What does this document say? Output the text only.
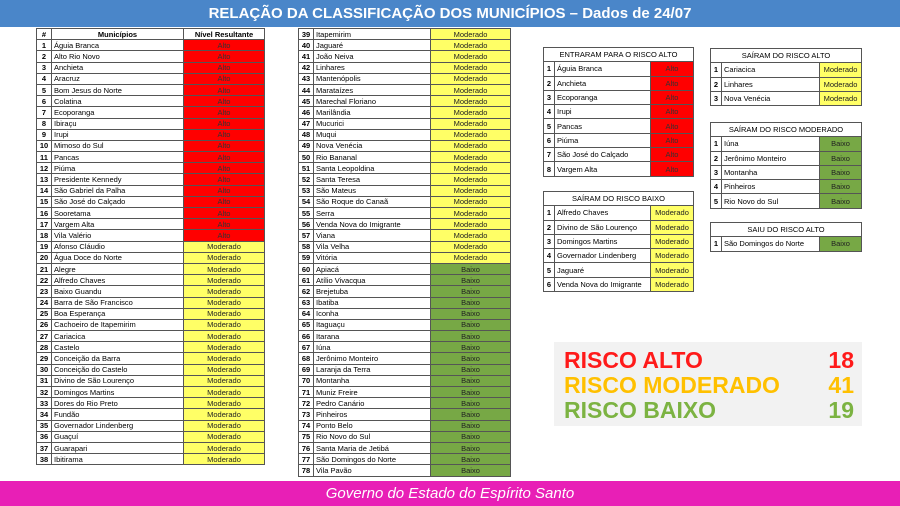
RELAÇÃO DA CLASSIFICAÇÃO DOS MUNICÍPIOS – Dados de 24/07
#	Municípios	Nível Resultante
1	Águia Branca	Alto
2	Alto Rio Novo	Alto
3	Anchieta	Alto
4	Aracruz	Alto
5	Bom Jesus do Norte	Alto
6	Colatina	Alto
7	Ecoporanga	Alto
8	Ibiraçu	Alto
9	Irupi	Alto
10	Mimoso do Sul	Alto
11	Pancas	Alto
12	Piúma	Alto
13	Presidente Kennedy	Alto
14	São Gabriel da Palha	Alto
15	São José do Calçado	Alto
16	Sooretama	Alto
17	Vargem Alta	Alto
18	Vila Valério	Alto
19	Afonso Cláudio	Moderado
20	Água Doce do Norte	Moderado
21	Alegre	Moderado
22	Alfredo Chaves	Moderado
23	Baixo Guandu	Moderado
24	Barra de São Francisco	Moderado
25	Boa Esperança	Moderado
26	Cachoeiro de Itapemirim	Moderado
27	Cariacica	Moderado
28	Castelo	Moderado
29	Conceição da Barra	Moderado
30	Conceição do Castelo	Moderado
31	Divino de São Lourenço	Moderado
32	Domingos Martins	Moderado
33	Dores do Rio Preto	Moderado
34	Fundão	Moderado
35	Governador Lindenberg	Moderado
36	Guaçuí	Moderado
37	Guarapari	Moderado
38	Ibitirama	Moderado
39	Itapemirim	Moderado
40	Jaguaré	Moderado
41	João Neiva	Moderado
42	Linhares	Moderado
43	Mantenópolis	Moderado
44	Marataízes	Moderado
45	Marechal Floriano	Moderado
46	Marilândia	Moderado
47	Mucurici	Moderado
48	Muqui	Moderado
49	Nova Venécia	Moderado
50	Rio Bananal	Moderado
51	Santa Leopoldina	Moderado
52	Santa Teresa	Moderado
53	São Mateus	Moderado
54	São Roque do Canaã	Moderado
55	Serra	Moderado
56	Venda Nova do Imigrante	Moderado
57	Viana	Moderado
58	Vila Velha	Moderado
59	Vitória	Moderado
60	Apiacá	Baixo
61	Atílio Vivacqua	Baixo
62	Brejetuba	Baixo
63	Ibatiba	Baixo
64	Iconha	Baixo
65	Itaguaçu	Baixo
66	Itarana	Baixo
67	Iúna	Baixo
68	Jerônimo Monteiro	Baixo
69	Laranja da Terra	Baixo
70	Montanha	Baixo
71	Muniz Freire	Baixo
72	Pedro Canário	Baixo
73	Pinheiros	Baixo
74	Ponto Belo	Baixo
75	Rio Novo do Sul	Baixo
76	Santa Maria de Jetibá	Baixo
77	São Domingos do Norte	Baixo
78	Vila Pavão	Baixo
ENTRARAM PARA O RISCO ALTO		
1	Águia Branca	Alto
2	Anchieta	Alto
3	Ecoporanga	Alto
4	Irupi	Alto
5	Pancas	Alto
6	Piúma	Alto
7	São José do Calçado	Alto
8	Vargem Alta	Alto
SAÍRAM DO RISCO BAIXO		
1	Alfredo Chaves	Moderado
2	Divino de São Lourenço	Moderado
3	Domingos Martins	Moderado
4	Governador Lindenberg	Moderado
5	Jaguaré	Moderado
6	Venda Nova do Imigrante	Moderado
SAÍRAM DO RISCO ALTO		
1	Cariacica	Moderado
2	Linhares	Moderado
3	Nova Venécia	Moderado
SAÍRAM DO RISCO MODERADO		
1	Iúna	Baixo
2	Jerônimo Monteiro	Baixo
3	Montanha	Baixo
4	Pinheiros	Baixo
5	Rio Novo do Sul	Baixo
SAIU DO RISCO ALTO
1	São Domingos do Norte	Baixo
RISCO ALTO	18
RISCO MODERADO 41
RISCO BAIXO	19
Governo do Estado do Espírito Santo
